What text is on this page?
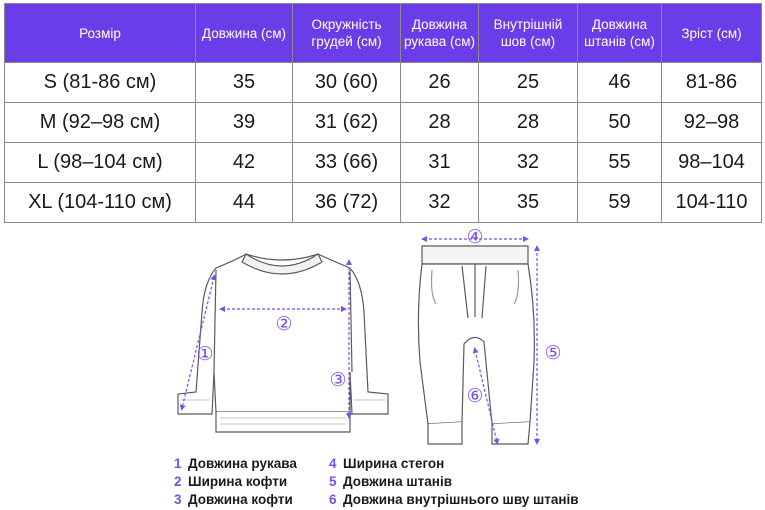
Розмір	Довжина (см)	Окружність грудей (см)	Довжина рукава (см)	Внутрішній шов (см)	Довжина штанів (см)	Зріст (см)
S (81-86 см)	35	30 (60)	26	25	46	81-86
M (92–98 см)	39	31 (62)	28	28	50	92–98
L (98–104 см)	42	33 (66)	31	32	55	98–104
XL (104-110 см)	44	36 (72)	32	35	59	104-110
①
②
③
④
⑤
⑥
1 Довжина рукава
2 Ширина кофти
3 Довжина кофти
4 Ширина стегон
5 Довжина штанів
6 Довжина внутрішнього шву штанів
